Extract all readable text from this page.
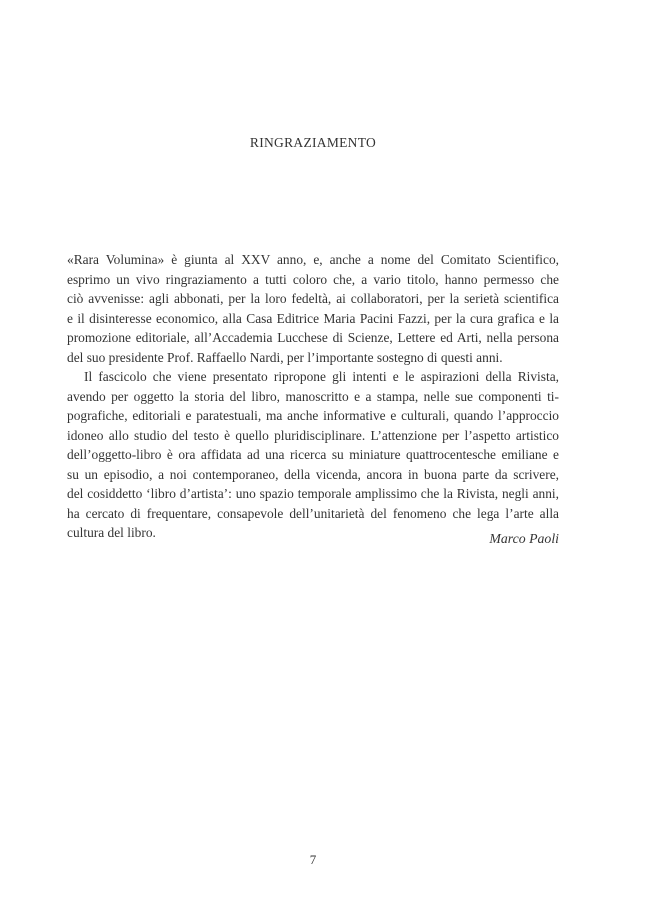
RINGRAZIAMENTO
«Rara Volumina» è giunta al XXV anno, e, anche a nome del Comitato Scientifico,
esprimo un vivo ringraziamento a tutti coloro che, a vario titolo, hanno permesso che
ciò avvenisse: agli abbonati, per la loro fedeltà, ai collaboratori, per la serietà scientifica
e il disinteresse economico, alla Casa Editrice Maria Pacini Fazzi, per la cura grafica e la
promozione editoriale, all’Accademia Lucchese di Scienze, Lettere ed Arti, nella persona
del suo presidente Prof. Raffaello Nardi, per l’importante sostegno di questi anni.
Il fascicolo che viene presentato ripropone gli intenti e le aspirazioni della Rivista,
avendo per oggetto la storia del libro, manoscritto e a stampa, nelle sue componenti ti-
pografiche, editoriali e paratestuali, ma anche informative e culturali, quando l’approccio
idoneo allo studio del testo è quello pluridisciplinare. L’attenzione per l’aspetto artistico
dell’oggetto-libro è ora affidata ad una ricerca su miniature quattrocentesche emiliane e
su un episodio, a noi contemporaneo, della vicenda, ancora in buona parte da scrivere,
del cosiddetto ‘libro d’artista’: uno spazio temporale amplissimo che la Rivista, negli anni,
ha cercato di frequentare, consapevole dell’unitarietà del fenomeno che lega l’arte alla
cultura del libro.	Marco Paoli
7
